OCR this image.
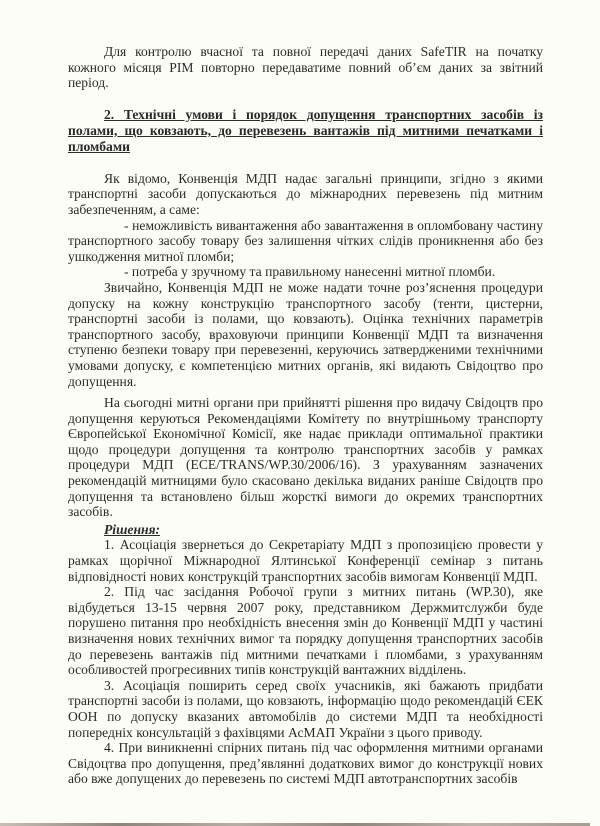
Для контролю вчасної та повної передачі даних SafeTIR на початку кожного місяця РІМ повторно передаватиме повний об’єм даних за звітний період.

2. Технічні умови і порядок допущення транспортних засобів із полами, що ковзають, до перевезень вантажів під митними печатками і пломбами

Як відомо, Конвенція МДП надає загальні принципи, згідно з якими транспортні засоби допускаються до міжнародних перевезень під митним забезпеченням, а саме:

- неможливість вивантаження або завантаження в опломбовану частину транспортного засобу товару без залишення чітких слідів проникнення або без ушкодження митної пломби;

- потреба у зручному та правильному нанесенні митної пломби.

Звичайно, Конвенція МДП не може надати точне роз’яснення процедури допуску на кожну конструкцію транспортного засобу (тенти, цистерни, транспортні засоби із полами, що ковзають). Оцінка технічних параметрів транспортного засобу, враховуючи принципи Конвенції МДП та визначення ступеню безпеки товару при перевезенні, керуючись затвердженими технічними умовами допуску, є компетенцією митних органів, які видають Свідоцтво про допущення.

На сьогодні митні органи при прийнятті рішення про видачу Свідоцтв про допущення керуються Рекомендаціями Комітету по внутрішньому транспорту Європейської Економічної Комісії, яке надає приклади оптимальної практики щодо процедури допущення та контролю транспортних засобів у рамках процедури МДП (ECE/TRANS/WP.30/2006/16). З урахуванням зазначених рекомендацій митницями було скасовано декілька виданих раніше Свідоцтв про допущення та встановлено більш жорсткі вимоги до окремих транспортних засобів.

Рішення:

1. Асоціація звернеться до Секретаріату МДП з пропозицією провести у рамках щорічної Міжнародної Ялтинської Конференції семінар з питань відповідності нових конструкцій транспортних засобів вимогам Конвенції МДП.

2. Під час засідання Робочої групи з митних питань (WP.30), яке відбудеться 13-15 червня 2007 року, представником Держмитслужби буде порушено питання про необхідність внесення змін до Конвенції МДП у частині визначення нових технічних вимог та порядку допущення транспортних засобів до перевезень вантажів під митними печатками і пломбами, з урахуванням особливостей прогресивних типів конструкцій вантажних відділень.

3. Асоціація поширить серед своїх учасників, які бажають придбати транспортні засоби із полами, що ковзають, інформацію щодо рекомендацій ЄЕК ООН по допуску вказаних автомобілів до системи МДП та необхідності попередніх консультацій з фахівцями АсМАП України з цього приводу.

4. При виникненні спірних питань під час оформлення митними органами Свідоцтва про допущення, пред’являнні додаткових вимог до конструкції нових або вже допущених до перевезень по системі МДП автотранспортних засобів
